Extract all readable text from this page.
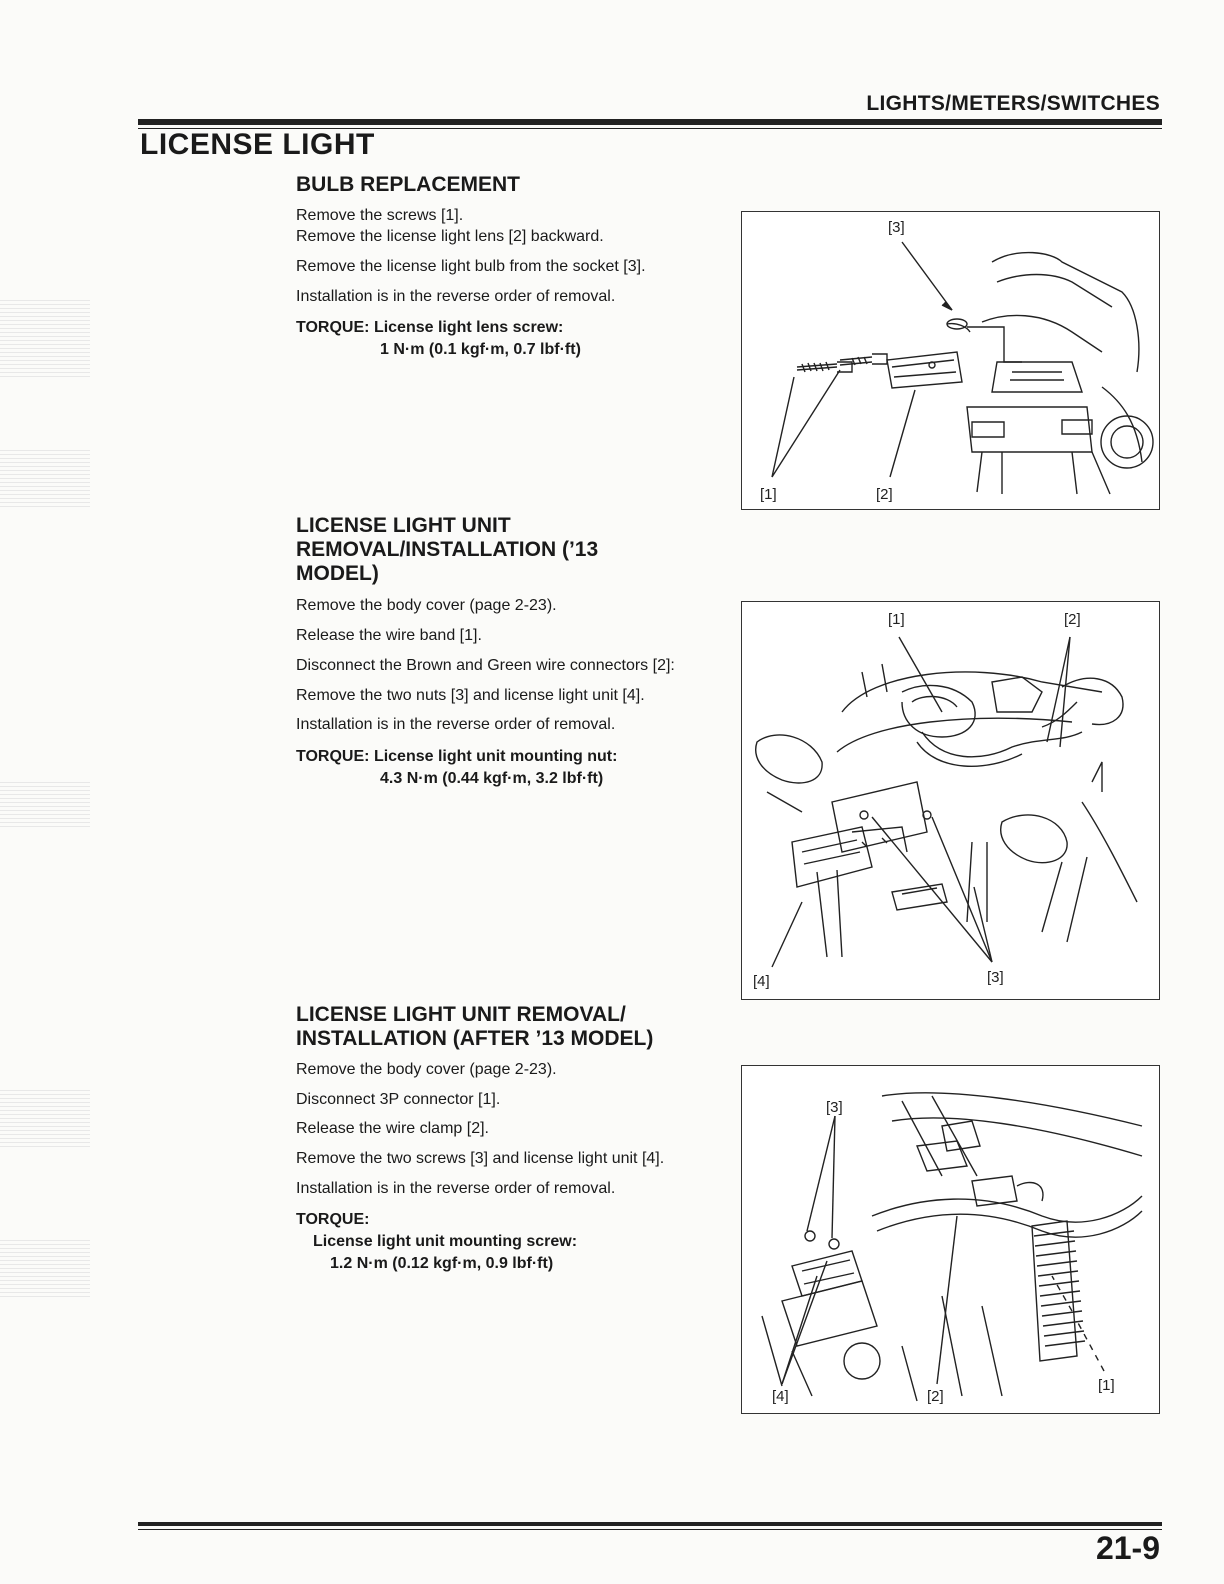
LIGHTS/METERS/SWITCHES
LICENSE LIGHT
BULB REPLACEMENT
Remove the screws [1].
Remove the license light lens [2] backward.
Remove the license light bulb from the socket [3].
Installation is in the reverse order of removal.
TORQUE: License light lens screw:
1 N·m (0.1 kgf·m, 0.7 lbf·ft)
[3]
[1]	[2]
LICENSE LIGHT UNIT
REMOVAL/INSTALLATION (’13
MODEL)
Remove the body cover (page 2-23).
Release the wire band [1].
Disconnect the Brown and Green wire connectors [2]:
Remove the two nuts [3] and license light unit [4].
Installation is in the reverse order of removal.
TORQUE: License light unit mounting nut:
4.3 N·m (0.44 kgf·m, 3.2 lbf·ft)
[1]	[2]
[4]	[3]
LICENSE LIGHT UNIT REMOVAL/
INSTALLATION (AFTER ’13 MODEL)
Remove the body cover (page 2-23).
Disconnect 3P connector [1].
Release the wire clamp [2].
Remove the two screws [3] and license light unit [4].
Installation is in the reverse order of removal.
TORQUE:
License light unit mounting screw:
1.2 N·m (0.12 kgf·m, 0.9 lbf·ft)
[3]
[4]	[2]
[1]
21-9
